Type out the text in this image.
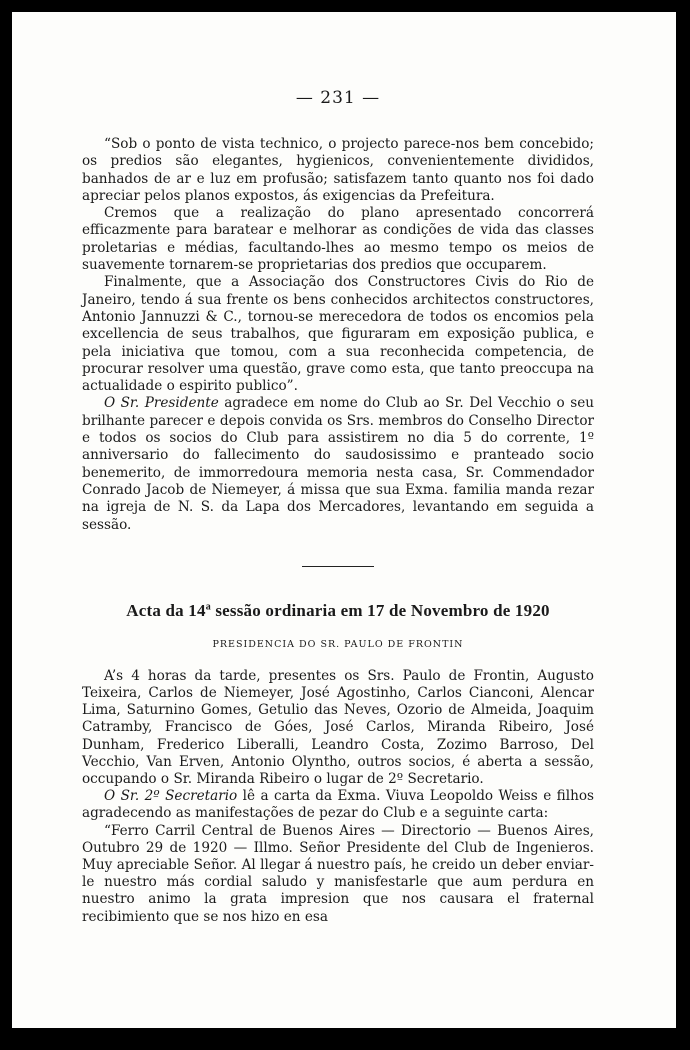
— 231 —

“Sob o ponto de vista technico, o projecto parece-nos bem concebido; os predios são elegantes, hygienicos, convenientemente divididos, banhados de ar e luz em profusão; satisfazem tanto quanto nos foi dado apreciar pelos planos expostos, ás exigencias da Prefeitura.

Cremos que a realização do plano apresentado concorrerá efficazmente para baratear e melhorar as condições de vida das classes proletarias e médias, facultando-lhes ao mesmo tempo os meios de suavemente tornarem-se proprietarias dos predios que occuparem.

Finalmente, que a Associação dos Constructores Civis do Rio de Janeiro, tendo á sua frente os bens conhecidos architectos constructores, Antonio Jannuzzi & C., tornou-se merecedora de todos os encomios pela excellencia de seus trabalhos, que figuraram em exposição publica, e pela iniciativa que tomou, com a sua reconhecida competencia, de procurar resolver uma questão, grave como esta, que tanto preoccupa na actualidade o espirito publico”.

O Sr. Presidente agradece em nome do Club ao Sr. Del Vecchio o seu brilhante parecer e depois convida os Srs. membros do Conselho Director e todos os socios do Club para assistirem no dia 5 do corrente, 1º anniversario do fallecimento do saudosissimo e pranteado socio benemerito, de immorredoura memoria nesta casa, Sr. Commendador Conrado Jacob de Niemeyer, á missa que sua Exma. familia manda rezar na igreja de N. S. da Lapa dos Mercadores, levantando em seguida a sessão.

Acta da 14$^a$ sessão ordinaria em 17 de Novembro de 1920
PRESIDENCIA DO SR. PAULO DE FRONTIN

A’s 4 horas da tarde, presentes os Srs. Paulo de Frontin, Augusto Teixeira, Carlos de Niemeyer, José Agostinho, Carlos Cianconi, Alencar Lima, Saturnino Gomes, Getulio das Neves, Ozorio de Almeida, Joaquim Catramby, Francisco de Góes, José Carlos, Miranda Ribeiro, José Dunham, Frederico Liberalli, Leandro Costa, Zozimo Barroso, Del Vecchio, Van Erven, Antonio Olyntho, outros socios, é aberta a sessão, occupando o Sr. Miranda Ribeiro o lugar de 2º Secretario.

O Sr. 2º Secretario lê a carta da Exma. Viuva Leopoldo Weiss e filhos agradecendo as manifestações de pezar do Club e a seguinte carta:

“Ferro Carril Central de Buenos Aires — Directorio — Buenos Aires, Outubro 29 de 1920 — Illmo. Señor Presidente del Club de Ingenieros. Muy apreciable Señor. Al llegar á nuestro país, he creido un deber enviar-le nuestro más cordial saludo y manisfestarle que aum perdura en nuestro animo la grata impresion que nos causara el fraternal recibimiento que se nos hizo en esa
